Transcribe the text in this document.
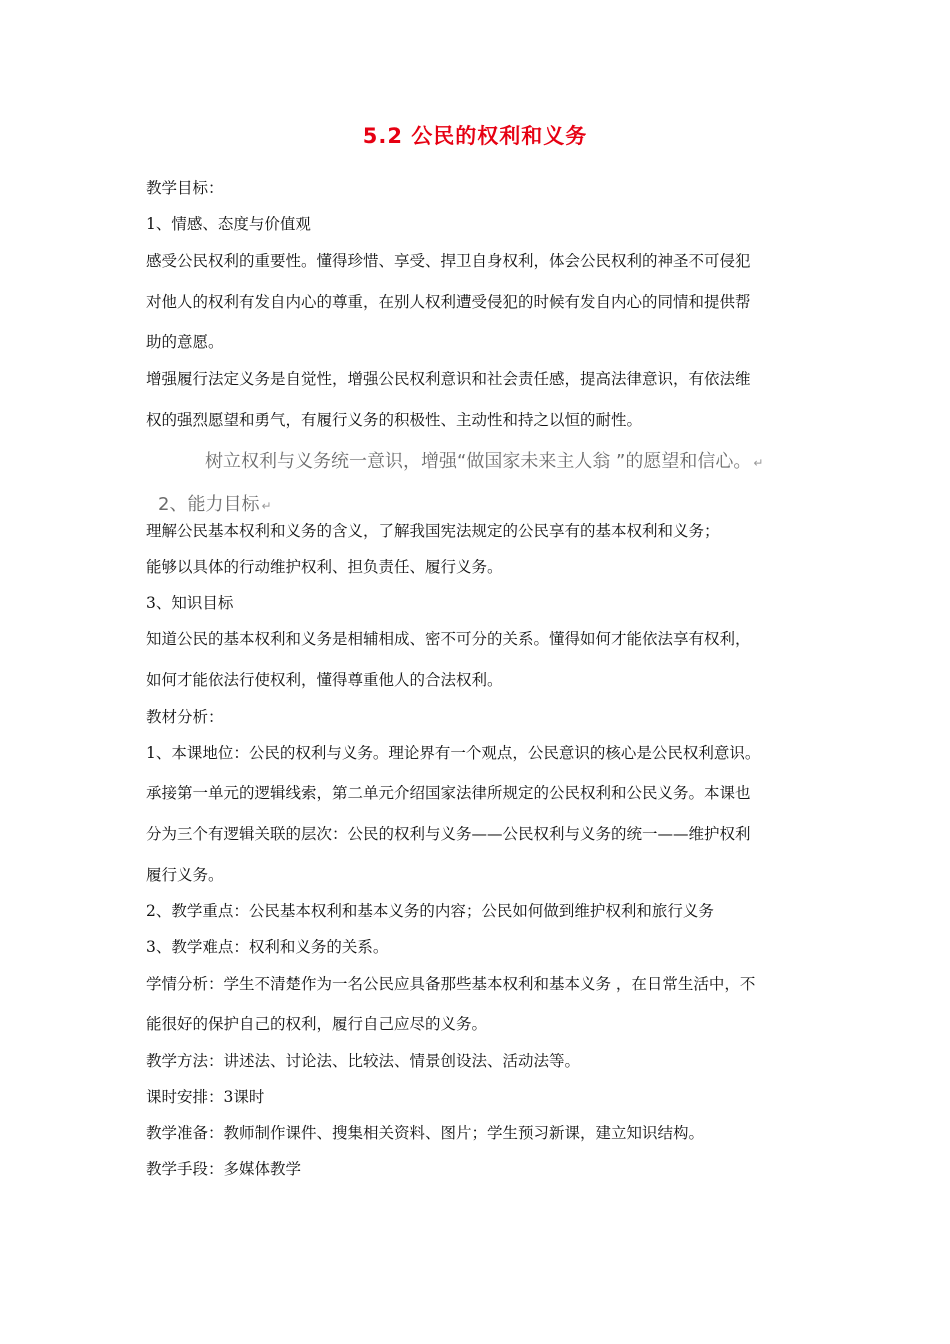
5.2 公民的权利和义务
教学目标：
1、情感、态度与价值观
感受公民权利的重要性。懂得珍惜、享受、捍卫自身权利，体会公民权利的神圣不可侵犯
对他人的权利有发自内心的尊重，在别人权利遭受侵犯的时候有发自内心的同情和提供帮
助的意愿。
增强履行法定义务是自觉性，增强公民权利意识和社会责任感，提高法律意识，有依法维
权的强烈愿望和勇气，有履行义务的积极性、主动性和持之以恒的耐性。
树立权利与义务统一意识，增强“做国家未来主人翁 ”的愿望和信心。 ↵
2、能力目标 ↵
理解公民基本权利和义务的含义，了解我国宪法规定的公民享有的基本权利和义务；
能够以具体的行动维护权利、担负责任、履行义务。
3、知识目标
知道公民的基本权利和义务是相辅相成、密不可分的关系。懂得如何才能依法享有权利，
如何才能依法行使权利，懂得尊重他人的合法权利。
教材分析：
1、本课地位：公民的权利与义务。理论界有一个观点，公民意识的核心是公民权利意识。
承接第一单元的逻辑线索，第二单元介绍国家法律所规定的公民权利和公民义务。本课也
分为三个有逻辑关联的层次：公民的权利与义务——公民权利与义务的统一——维护权利
履行义务。
2、教学重点：公民基本权利和基本义务的内容；公民如何做到维护权利和旅行义务
3、教学难点：权利和义务的关系。
学情分析：学生不清楚作为一名公民应具备那些基本权利和基本义务 ，在日常生活中，不
能很好的保护自己的权利，履行自己应尽的义务。
教学方法：讲述法、讨论法、比较法、情景创设法、活动法等。
课时安排：3课时
教学准备：教师制作课件、搜集相关资料、图片；学生预习新课，建立知识结构。
教学手段：多媒体教学
